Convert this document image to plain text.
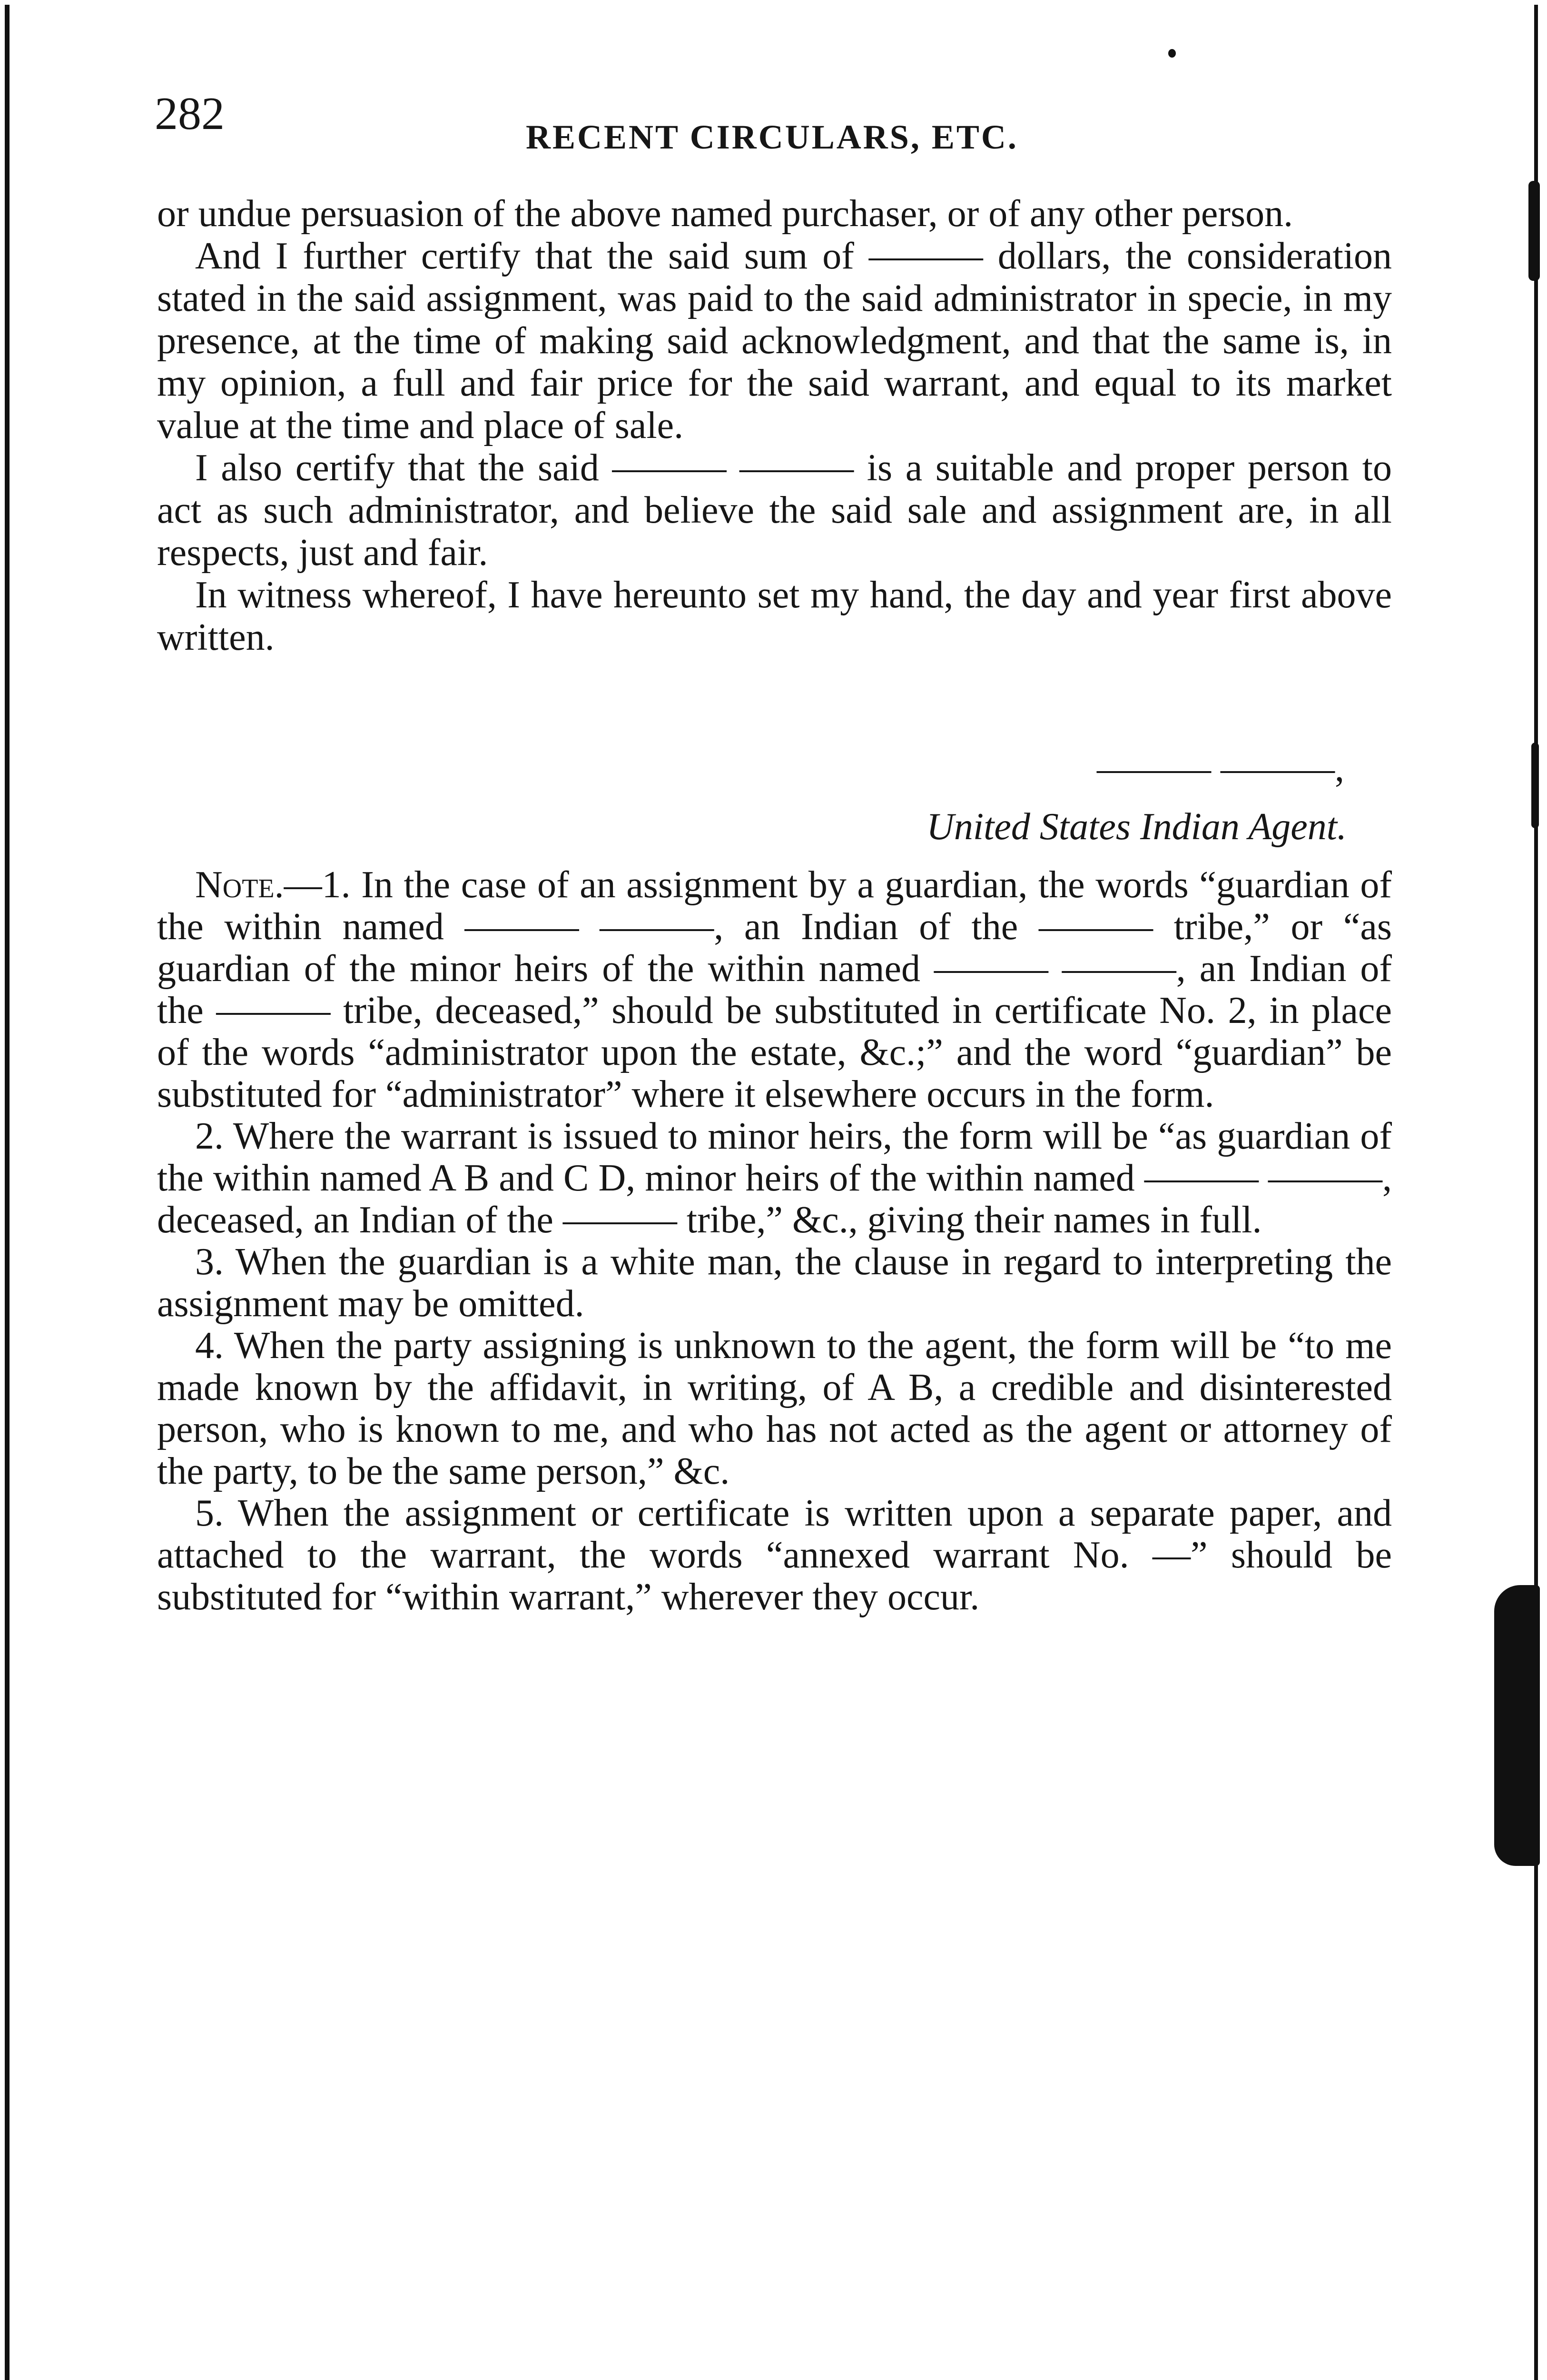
282	RECENT CIRCULARS, ETC.

or undue persuasion of the above named purchaser, or of any other person.

And I further certify that the said sum of ——— dollars, the consideration stated in the said assignment, was paid to the said administrator in specie, in my presence, at the time of making said acknowledgment, and that the same is, in my opinion, a full and fair price for the said warrant, and equal to its market value at the time and place of sale.

I also certify that the said ——— ——— is a suitable and proper person to act as such administrator, and believe the said sale and assignment are, in all respects, just and fair.

In witness whereof, I have hereunto set my hand, the day and year first above written.

——— ———,
United States Indian Agent.

Note.—1. In the case of an assignment by a guardian, the words “guardian of the within named ——— ———, an Indian of the ——— tribe,” or “as guardian of the minor heirs of the within named ——— ———, an Indian of the ——— tribe, deceased,” should be substituted in certificate No. 2, in place of the words “administrator upon the estate, &c.;” and the word “guardian” be substituted for “administrator” where it elsewhere occurs in the form.

2. Where the warrant is issued to minor heirs, the form will be “as guardian of the within named A B and C D, minor heirs of the within named ——— ———, deceased, an Indian of the ——— tribe,” &c., giving their names in full.

3. When the guardian is a white man, the clause in regard to interpreting the assignment may be omitted.

4. When the party assigning is unknown to the agent, the form will be “to me made known by the affidavit, in writing, of A B, a credible and disinterested person, who is known to me, and who has not acted as the agent or attorney of the party, to be the same person,” &c.

5. When the assignment or certificate is written upon a separate paper, and attached to the warrant, the words “annexed warrant No. —” should be substituted for “within warrant,” wherever they occur.
